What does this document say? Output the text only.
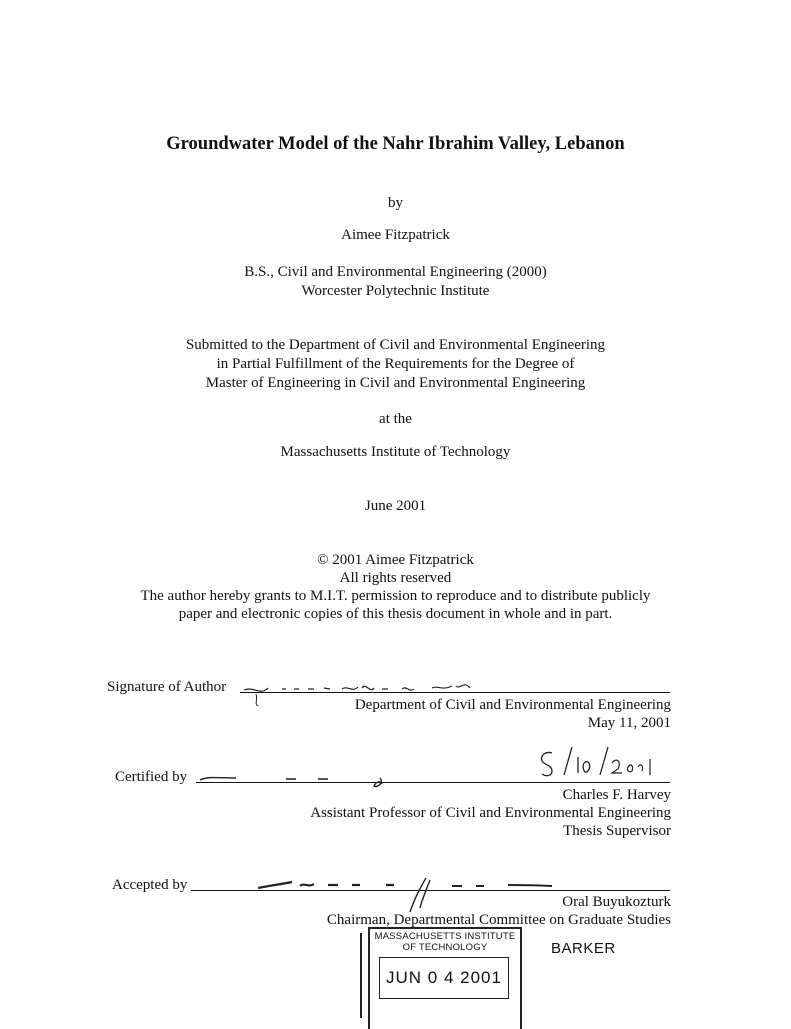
Groundwater Model of the Nahr Ibrahim Valley, Lebanon
by
Aimee Fitzpatrick
B.S., Civil and Environmental Engineering (2000)
Worcester Polytechnic Institute
Submitted to the Department of Civil and Environmental Engineering
in Partial Fulfillment of the Requirements for the Degree of
Master of Engineering in Civil and Environmental Engineering
at the
Massachusetts Institute of Technology
June 2001
© 2001 Aimee Fitzpatrick
All rights reserved
The author hereby grants to M.I.T. permission to reproduce and to distribute publicly
paper and electronic copies of this thesis document in whole and in part.
Signature of Author
Department of Civil and Environmental Engineering
May 11, 2001
Certified by
Charles F. Harvey
Assistant Professor of Civil and Environmental Engineering
Thesis Supervisor
Accepted by
Oral Buyukozturk
Chairman, Departmental Committee on Graduate Studies
MASSACHUSETTS INSTITUTE
OF TECHNOLOGY
JUN 0 4 2001
BARKER
